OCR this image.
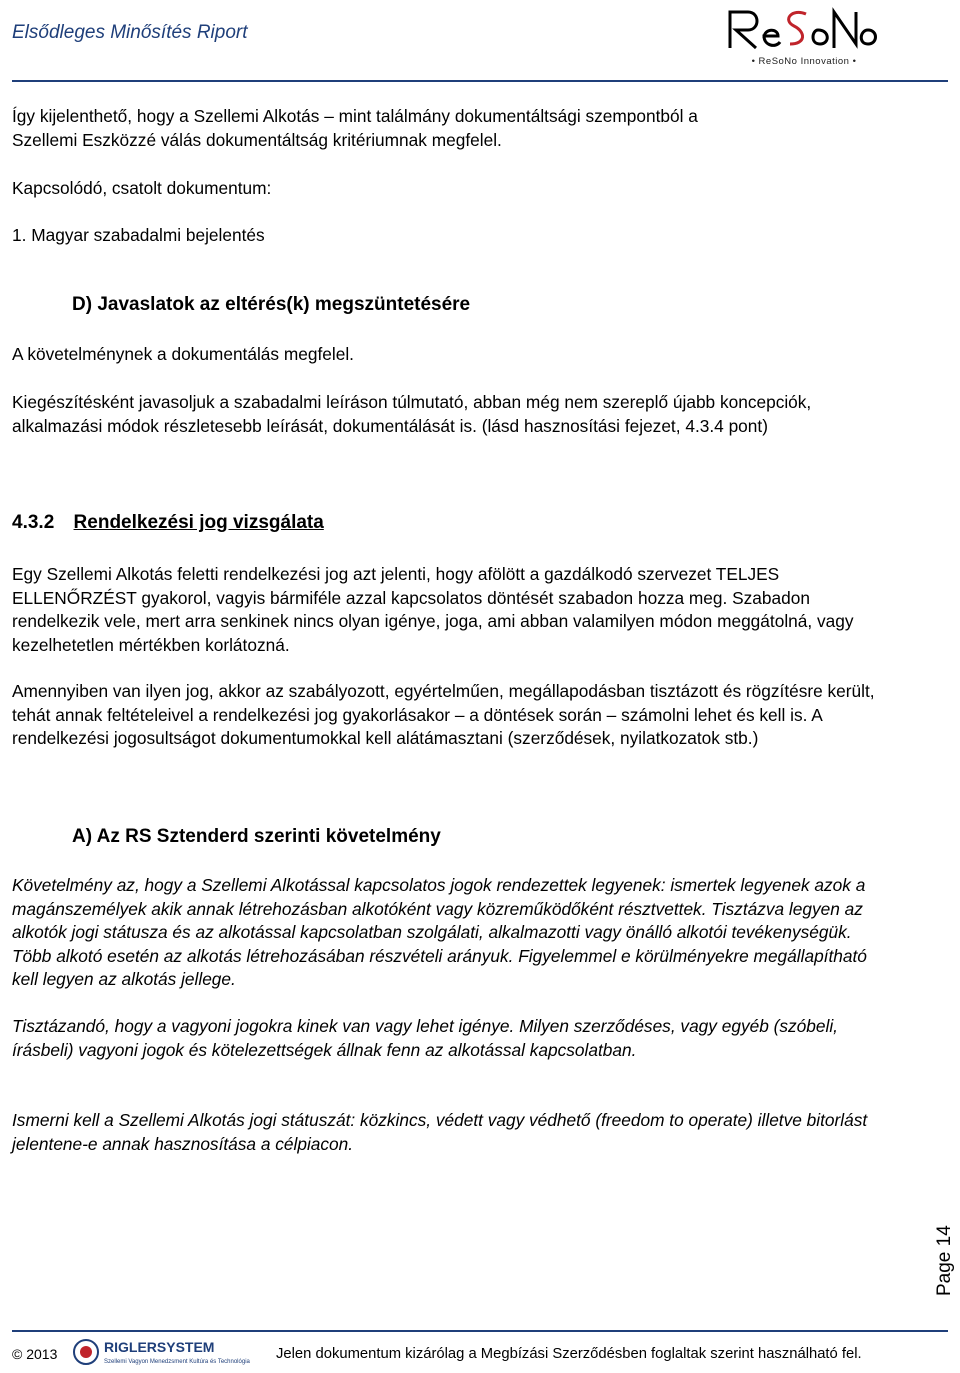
Elsődleges Minősítés Riport
• ReSoNo Innovation •
Így kijelenthető, hogy a Szellemi Alkotás – mint találmány dokumentáltsági szempontból a
Szellemi Eszközzé válás dokumentáltság kritériumnak megfelel.
Kapcsolódó, csatolt dokumentum:
1. Magyar szabadalmi bejelentés
D) Javaslatok az eltérés(k) megszüntetésére
A követelménynek a dokumentálás megfelel.
Kiegészítésként javasoljuk a szabadalmi leíráson túlmutató, abban még nem szereplő újabb koncepciók, alkalmazási módok részletesebb leírását, dokumentálását is. (lásd hasznosítási fejezet, 4.3.4 pont)
4.3.2 Rendelkezési jog vizsgálata
Egy Szellemi Alkotás feletti rendelkezési jog azt jelenti, hogy afölött a gazdálkodó szervezet TELJES ELLENŐRZÉST gyakorol, vagyis bármiféle azzal kapcsolatos döntését szabadon hozza meg. Szabadon rendelkezik vele, mert arra senkinek nincs olyan igénye, joga, ami abban valamilyen módon meggátolná, vagy kezelhetetlen mértékben korlátozná.
Amennyiben van ilyen jog, akkor az szabályozott, egyértelműen, megállapodásban tisztázott és rögzítésre került, tehát annak feltételeivel a rendelkezési jog gyakorlásakor – a döntések során – számolni lehet és kell is. A rendelkezési jogosultságot dokumentumokkal kell alátámasztani (szerződések, nyilatkozatok stb.)
A) Az RS Sztenderd szerinti követelmény
Követelmény az, hogy a Szellemi Alkotással kapcsolatos jogok rendezettek legyenek: ismertek legyenek azok a magánszemélyek akik annak létrehozásban alkotóként vagy közreműködőként résztvettek. Tisztázva legyen az alkotók jogi státusza és az alkotással kapcsolatban szolgálati, alkalmazotti vagy önálló alkotói tevékenységük. Több alkotó esetén az alkotás létrehozásában részvételi arányuk. Figyelemmel e körülményekre megállapítható kell legyen az alkotás jellege.
Tisztázandó, hogy a vagyoni jogokra kinek van vagy lehet igénye. Milyen szerződéses, vagy egyéb (szóbeli, írásbeli) vagyoni jogok és kötelezettségek állnak fenn az alkotással kapcsolatban.
Ismerni kell a Szellemi Alkotás jogi státuszát: közkincs, védett vagy védhető (freedom to operate) illetve bitorlást jelentene-e annak hasznosítása a célpiacon.
Page 14
© 2013	RIGLERSYSTEM
Szellemi Vagyon Menedzsment Kultúra és Technológia Jelen dokumentum kizárólag a Megbízási Szerződésben foglaltak szerint használható fel.
